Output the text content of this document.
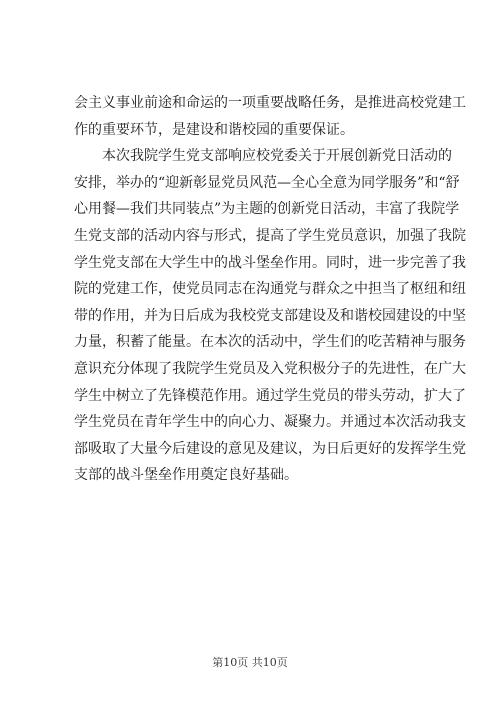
会主义事业前途和命运的一项重要战略任务，是推进高校党建工
作的重要环节，是建设和谐校园的重要保证。
　　本次我院学生党支部响应校党委关于开展创新党日活动的
安排，举办的“迎新彰显党员风范—全心全意为同学服务”和“舒
心用餐—我们共同装点”为主题的创新党日活动，丰富了我院学
生党支部的活动内容与形式，提高了学生党员意识，加强了我院
学生党支部在大学生中的战斗堡垒作用。同时，进一步完善了我
院的党建工作，使党员同志在沟通党与群众之中担当了枢纽和纽
带的作用，并为日后成为我校党支部建设及和谐校园建设的中坚
力量，积蓄了能量。在本次的活动中，学生们的吃苦精神与服务
意识充分体现了我院学生党员及入党积极分子的先进性，在广大
学生中树立了先锋模范作用。通过学生党员的带头劳动，扩大了
学生党员在青年学生中的向心力、凝聚力。并通过本次活动我支
部吸取了大量今后建设的意见及建议，为日后更好的发挥学生党
支部的战斗堡垒作用奠定良好基础。
第10页 共10页
